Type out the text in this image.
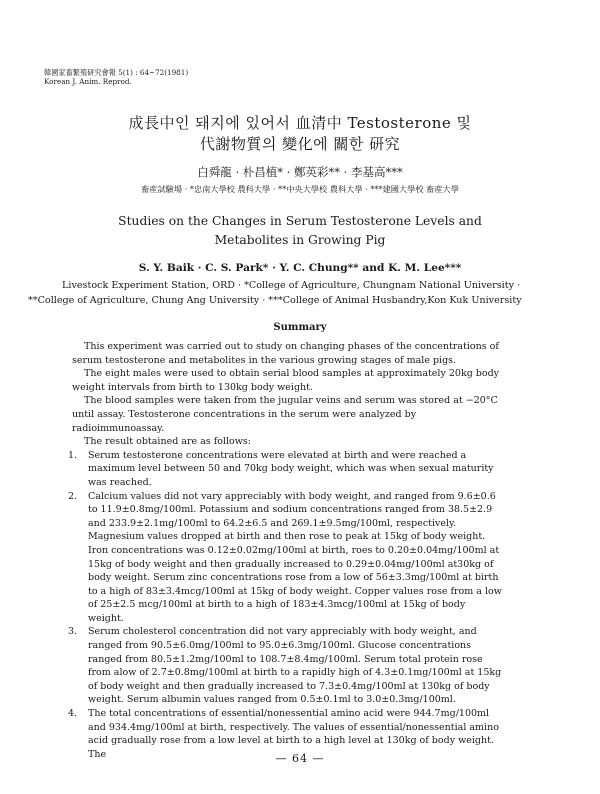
韓國家畜繁殖研究會報 5(1) : 64~72(1981)
Korean J. Anim. Reprod.
成長中인 돼지에 있어서 血清中 Testosterone 및
代謝物質의 變化에 關한 研究
白舜龍 · 朴昌植* · 鄭英彩** · 李基高***
畜産試驗場 · *忠南大學校 農科大學 · **中央大學校 農科大學 · ***建國大學校 畜産大學
Studies on the Changes in Serum Testosterone Levels and
Metabolites in Growing Pig
S. Y. Baik · C. S. Park* · Y. C. Chung** and K. M. Lee***
Livestock Experiment Station, ORD · *College of Agriculture, Chungnam National University ·
**College of Agriculture, Chung Ang University · ***College of Animal Husbandry,Kon Kuk University
Summary

This experiment was carried out to study on changing phases of the concentrations of serum testosterone and metabolites in the various growing stages of male pigs.

The eight males were used to obtain serial blood samples at approximately 20kg body weight intervals from birth to 130kg body weight.

The blood samples were taken from the jugular veins and serum was stored at −20°C until assay. Testosterone concentrations in the serum were analyzed by radioimmunoassay.

The result obtained are as follows:

1. Serum testosterone concentrations were elevated at birth and were reached a maximum level between 50 and 70kg body weight, which was when sexual maturity was reached.
2. Calcium values did not vary appreciably with body weight, and ranged from 9.6±0.6 to 11.9±0.8mg/100ml. Potassium and sodium concentrations ranged from 38.5±2.9 and 233.9±2.1mg/100ml to 64.2±6.5 and 269.1±9.5mg/100ml, respectively. Magnesium values dropped at birth and then rose to peak at 15kg of body weight. Iron concentrations was 0.12±0.02mg/100ml at birth, roes to 0.20±0.04mg/100ml at 15kg of body weight and then gradually increased to 0.29±0.04mg/100ml at30kg of body weight. Serum zinc concentrations rose from a low of 56±3.3mg/100ml at birth to a high of 83±3.4mcg/100ml at 15kg of body weight. Copper values rose from a low of 25±2.5 mcg/100ml at birth to a high of 183±4.3mcg/100ml at 15kg of body weight.
3. Serum cholesterol concentration did not vary appreciably with body weight, and ranged from 90.5±6.0mg/100ml to 95.0±6.3mg/100ml. Glucose concentrations ranged from 80.5±1.2mg/100ml to 108.7±8.4mg/100ml. Serum total protein rose from alow of 2.7±0.8mg/100ml at birth to a rapidly high of 4.3±0.1mg/100ml at 15kg of body weight and then gradually increased to 7.3±0.4mg/100ml at 130kg of body weight. Serum albumin values ranged from 0.5±0.1ml to 3.0±0.3mg/100ml.
4. The total concentrations of essential/nonessential amino acid were 944.7mg/100ml and 934.4mg/100ml at birth, respectively. The values of essential/nonessential amino acid gradually rose from a low level at birth to a high level at 130kg of body weight. The	— 64 —
